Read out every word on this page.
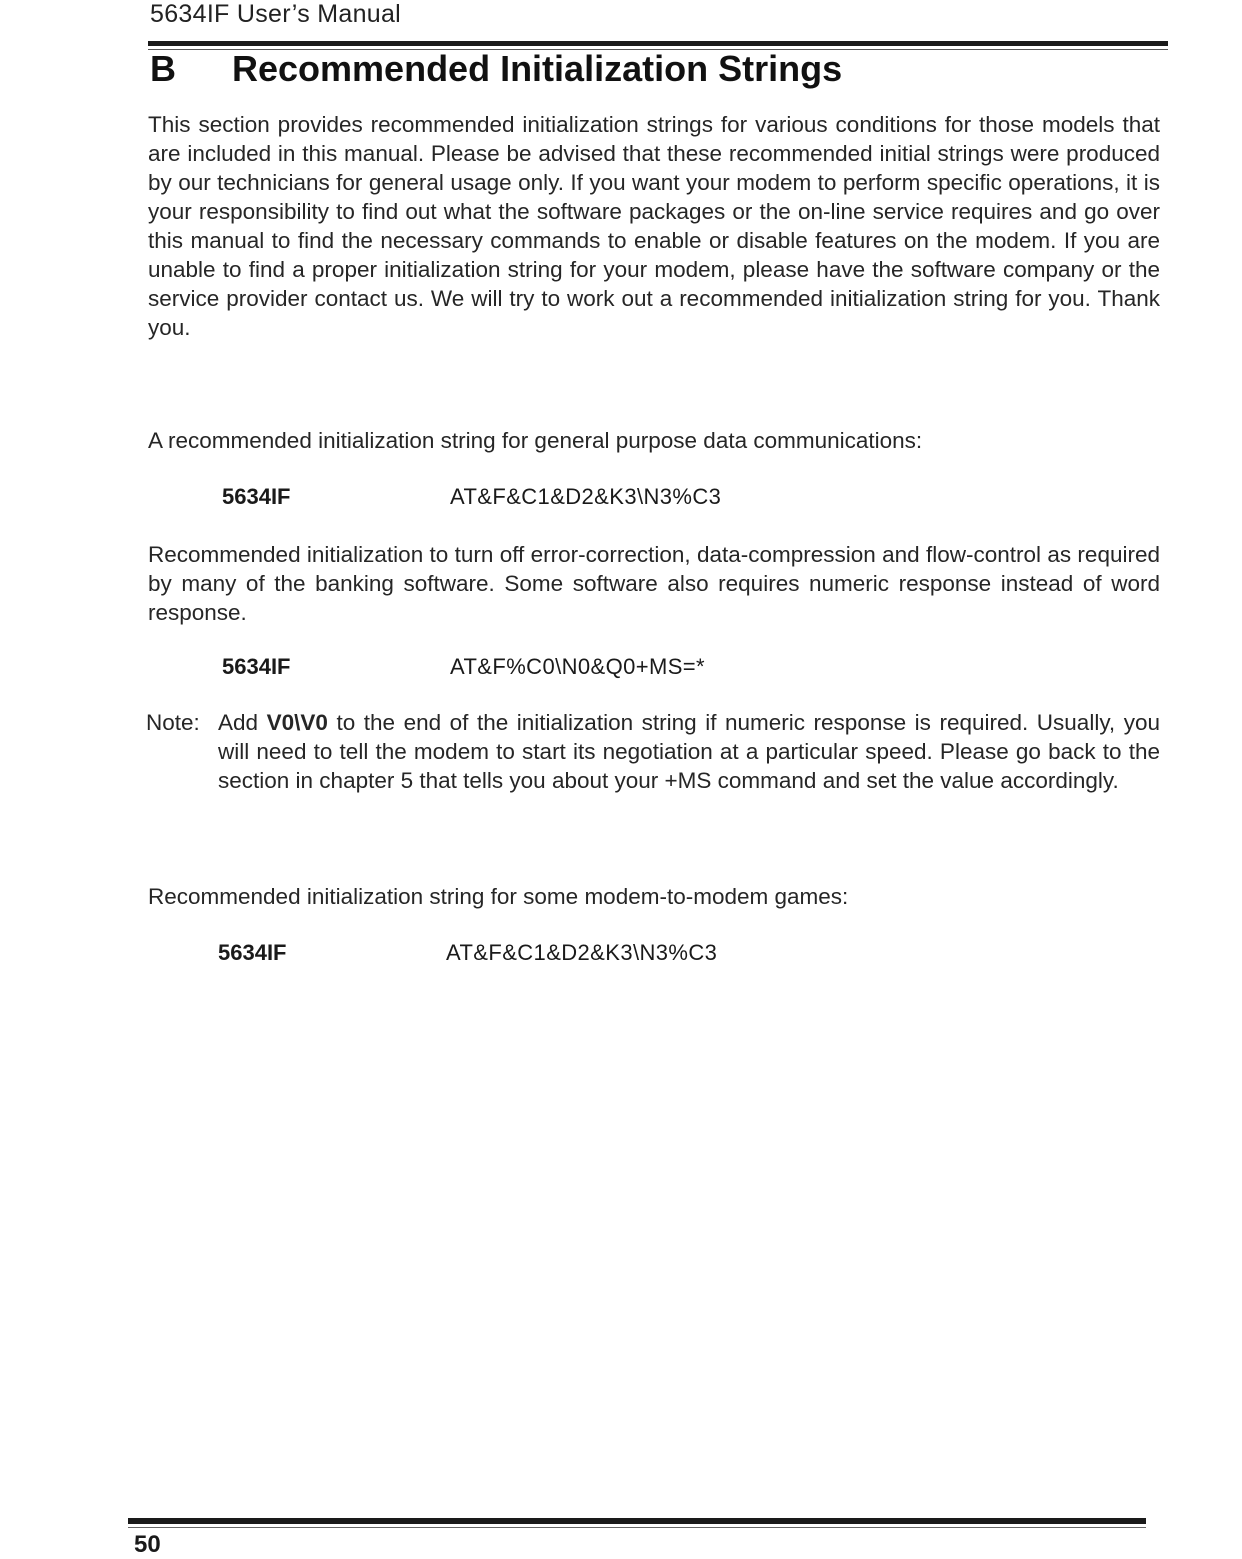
5634IF User’s Manual
B Recommended Initialization Strings

This section provides recommended initialization strings for various conditions for those models that are included in this manual. Please be advised that these recommended initial strings were produced by our technicians for general usage only. If you want your modem to perform specific operations, it is your responsibility to find out what the software packages or the on-line service requires and go over this manual to find the necessary commands to enable or disable features on the modem. If you are unable to find a proper initialization string for your modem, please have the software company or the service provider contact us. We will try to work out a recommended initialization string for you. Thank you.

A recommended initialization string for general purpose data communications:

5634IF	AT&F&C1&D2&K3\N3%C3

Recommended initialization to turn off error-correction, data-compression and flow-control as required by many of the banking software. Some software also requires numeric response instead of word response.

5634IF	AT&F%C0\N0&Q0+MS=*
Note: Add V0\V0 to the end of the initialization string if numeric response is required. Usually, you will need to tell the modem to start its negotiation at a particular speed. Please go back to the section in chapter 5 that tells you about your +MS command and set the value accordingly.

Recommended initialization string for some modem-to-modem games:

5634IF	AT&F&C1&D2&K3\N3%C3
50
